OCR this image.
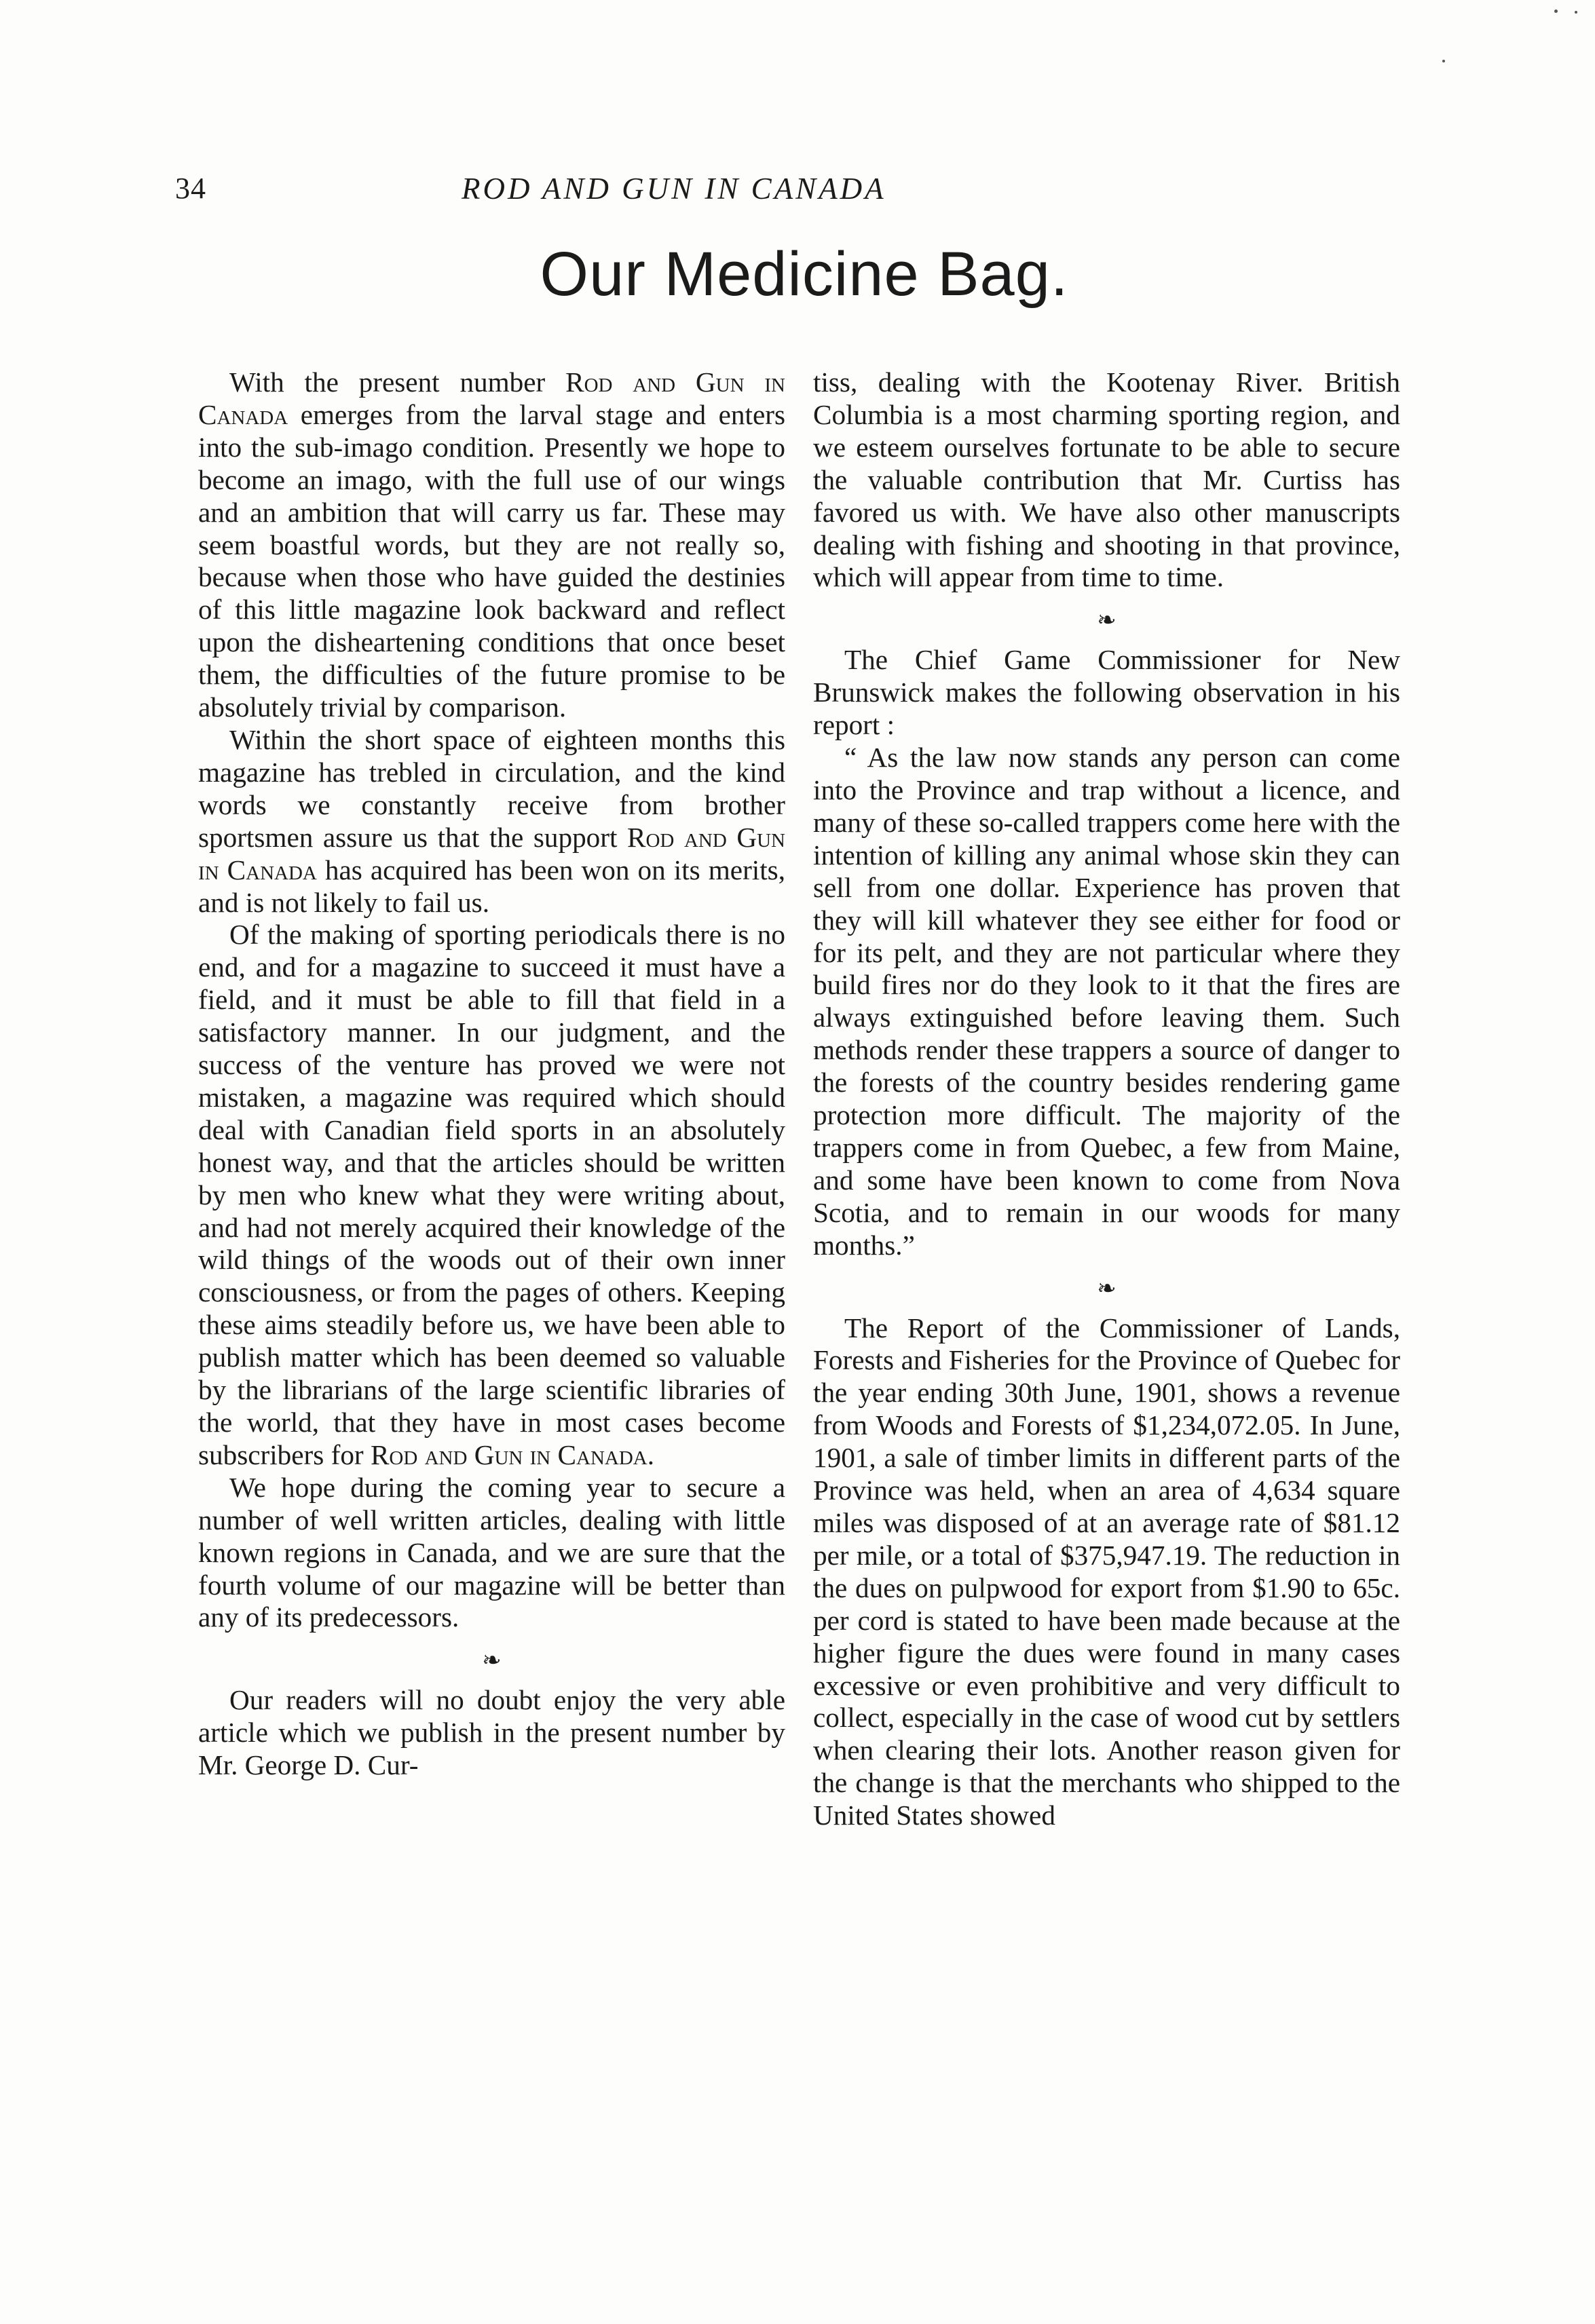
34	ROD AND GUN IN CANADA
Our Medicine Bag.

With the present number Rod and Gun in Canada emerges from the larval stage and enters into the sub-imago condition. Presently we hope to become an imago, with the full use of our wings and an ambition that will carry us far. These may seem boastful words, but they are not really so, because when those who have guided the destinies of this little magazine look backward and reflect upon the disheartening conditions that once beset them, the difficulties of the future promise to be absolutely trivial by comparison.

Within the short space of eighteen months this magazine has trebled in circulation, and the kind words we constantly receive from brother sportsmen assure us that the support Rod and Gun in Canada has acquired has been won on its merits, and is not likely to fail us.

Of the making of sporting periodicals there is no end, and for a magazine to succeed it must have a field, and it must be able to fill that field in a satisfactory manner. In our judgment, and the success of the venture has proved we were not mistaken, a magazine was required which should deal with Canadian field sports in an absolutely honest way, and that the articles should be written by men who knew what they were writing about, and had not merely acquired their knowledge of the wild things of the woods out of their own inner consciousness, or from the pages of others. Keeping these aims steadily before us, we have been able to publish matter which has been deemed so valuable by the librarians of the large scientific libraries of the world, that they have in most cases become subscribers for Rod and Gun in Canada.

We hope during the coming year to secure a number of well written articles, dealing with little known regions in Canada, and we are sure that the fourth volume of our magazine will be better than any of its predecessors.

❧

Our readers will no doubt enjoy the very able article which we publish in the present number by Mr. George D. Cur-

tiss, dealing with the Kootenay River. British Columbia is a most charming sporting region, and we esteem ourselves fortunate to be able to secure the valuable contribution that Mr. Curtiss has favored us with. We have also other manuscripts dealing with fishing and shooting in that province, which will appear from time to time.

❧

The Chief Game Commissioner for New Brunswick makes the following observation in his report :

“ As the law now stands any person can come into the Province and trap without a licence, and many of these so-called trappers come here with the intention of killing any animal whose skin they can sell from one dollar. Experience has proven that they will kill whatever they see either for food or for its pelt, and they are not particular where they build fires nor do they look to it that the fires are always extinguished before leaving them. Such methods render these trappers a source of danger to the forests of the country besides rendering game protection more difficult. The majority of the trappers come in from Quebec, a few from Maine, and some have been known to come from Nova Scotia, and to remain in our woods for many months.”

❧

The Report of the Commissioner of Lands, Forests and Fisheries for the Province of Quebec for the year ending 30th June, 1901, shows a revenue from Woods and Forests of $1,234,072.05. In June, 1901, a sale of timber limits in different parts of the Province was held, when an area of 4,634 square miles was disposed of at an average rate of $81.12 per mile, or a total of $375,947.19. The reduction in the dues on pulpwood for export from $1.90 to 65c. per cord is stated to have been made because at the higher figure the dues were found in many cases excessive or even prohibitive and very difficult to collect, especially in the case of wood cut by settlers when clearing their lots. Another reason given for the change is that the merchants who shipped to the United States showed
